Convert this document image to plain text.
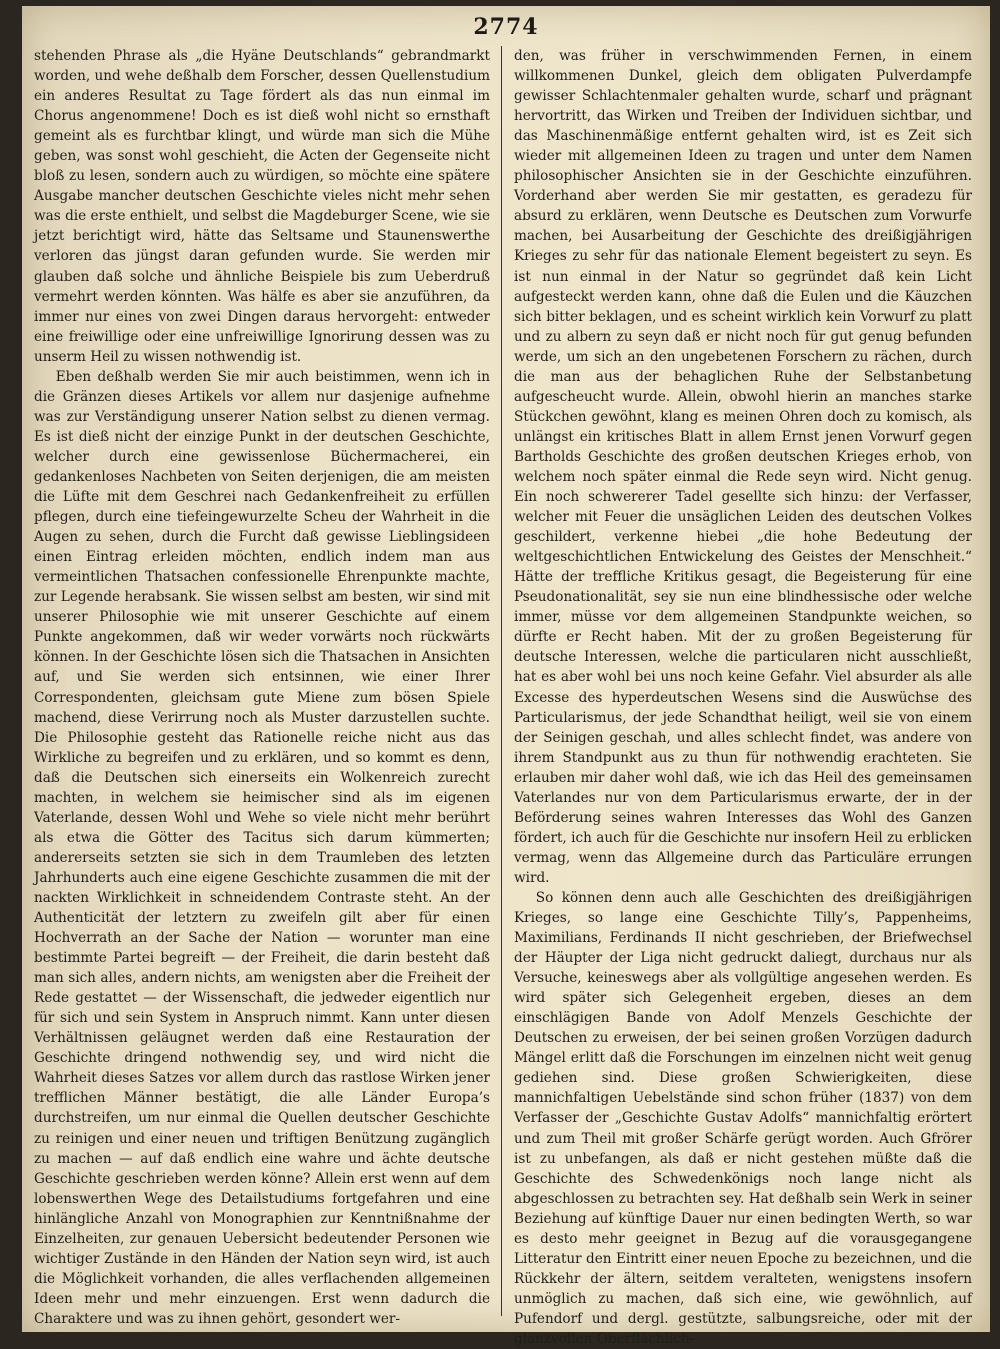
2774

stehenden Phrase als „die Hyäne Deutschlands“ gebrandmarkt worden, und wehe deßhalb dem Forscher, dessen Quellenstudium ein anderes Resultat zu Tage fördert als das nun einmal im Chorus angenommene! Doch es ist dieß wohl nicht so ernsthaft gemeint als es furchtbar klingt, und würde man sich die Mühe geben, was sonst wohl geschieht, die Acten der Gegenseite nicht bloß zu lesen, sondern auch zu würdigen, so möchte eine spätere Ausgabe mancher deutschen Geschichte vieles nicht mehr sehen was die erste enthielt, und selbst die Magdeburger Scene, wie sie jetzt berichtigt wird, hätte das Seltsame und Staunenswerthe verloren das jüngst daran gefunden wurde. Sie werden mir glauben daß solche und ähnliche Beispiele bis zum Ueberdruß vermehrt werden könnten. Was hälfe es aber sie anzuführen, da immer nur eines von zwei Dingen daraus hervorgeht: entweder eine freiwillige oder eine unfreiwillige Ignorirung dessen was zu unserm Heil zu wissen nothwendig ist.

Eben deßhalb werden Sie mir auch beistimmen, wenn ich in die Gränzen dieses Artikels vor allem nur dasjenige aufnehme was zur Verständigung unserer Nation selbst zu dienen vermag. Es ist dieß nicht der einzige Punkt in der deutschen Geschichte, welcher durch eine gewissenlose Büchermacherei, ein gedankenloses Nachbeten von Seiten derjenigen, die am meisten die Lüfte mit dem Geschrei nach Gedankenfreiheit zu erfüllen pflegen, durch eine tiefeingewurzelte Scheu der Wahrheit in die Augen zu sehen, durch die Furcht daß gewisse Lieblingsideen einen Eintrag erleiden möchten, endlich indem man aus vermeintlichen Thatsachen confessionelle Ehrenpunkte machte, zur Legende herabsank. Sie wissen selbst am besten, wir sind mit unserer Philosophie wie mit unserer Geschichte auf einem Punkte angekommen, daß wir weder vorwärts noch rückwärts können. In der Geschichte lösen sich die Thatsachen in Ansichten auf, und Sie werden sich entsinnen, wie einer Ihrer Correspondenten, gleichsam gute Miene zum bösen Spiele machend, diese Verirrung noch als Muster darzustellen suchte. Die Philosophie gesteht das Rationelle reiche nicht aus das Wirkliche zu begreifen und zu erklären, und so kommt es denn, daß die Deutschen sich einerseits ein Wolkenreich zurecht machten, in welchem sie heimischer sind als im eigenen Vaterlande, dessen Wohl und Wehe so viele nicht mehr berührt als etwa die Götter des Tacitus sich darum kümmerten; andererseits setzten sie sich in dem Traumleben des letzten Jahrhunderts auch eine eigene Geschichte zusammen die mit der nackten Wirklichkeit in schneidendem Contraste steht. An der Authenticität der letztern zu zweifeln gilt aber für einen Hochverrath an der Sache der Nation — worunter man eine bestimmte Partei begreift — der Freiheit, die darin besteht daß man sich alles, andern nichts, am wenigsten aber die Freiheit der Rede gestattet — der Wissenschaft, die jedweder eigentlich nur für sich und sein System in Anspruch nimmt. Kann unter diesen Verhältnissen geläugnet werden daß eine Restauration der Geschichte dringend nothwendig sey, und wird nicht die Wahrheit dieses Satzes vor allem durch das rastlose Wirken jener trefflichen Männer bestätigt, die alle Länder Europa’s durchstreifen, um nur einmal die Quellen deutscher Geschichte zu reinigen und einer neuen und triftigen Benützung zugänglich zu machen — auf daß endlich eine wahre und ächte deutsche Geschichte geschrieben werden könne? Allein erst wenn auf dem lobenswerthen Wege des Detailstudiums fortgefahren und eine hinlängliche Anzahl von Monographien zur Kenntnißnahme der Einzelheiten, zur genauen Uebersicht bedeutender Personen wie wichtiger Zustände in den Händen der Nation seyn wird, ist auch die Möglichkeit vorhanden, die alles verflachenden allgemeinen Ideen mehr und mehr einzuengen. Erst wenn dadurch die Charaktere und was zu ihnen gehört, gesondert wer-

den, was früher in verschwimmenden Fernen, in einem willkommenen Dunkel, gleich dem obligaten Pulverdampfe gewisser Schlachtenmaler gehalten wurde, scharf und prägnant hervortritt, das Wirken und Treiben der Individuen sichtbar, und das Maschinenmäßige entfernt gehalten wird, ist es Zeit sich wieder mit allgemeinen Ideen zu tragen und unter dem Namen philosophischer Ansichten sie in der Geschichte einzuführen. Vorderhand aber werden Sie mir gestatten, es geradezu für absurd zu erklären, wenn Deutsche es Deutschen zum Vorwurfe machen, bei Ausarbeitung der Geschichte des dreißigjährigen Krieges zu sehr für das nationale Element begeistert zu seyn. Es ist nun einmal in der Natur so gegründet daß kein Licht aufgesteckt werden kann, ohne daß die Eulen und die Käuzchen sich bitter beklagen, und es scheint wirklich kein Vorwurf zu platt und zu albern zu seyn daß er nicht noch für gut genug befunden werde, um sich an den ungebetenen Forschern zu rächen, durch die man aus der behaglichen Ruhe der Selbstanbetung aufgescheucht wurde. Allein, obwohl hierin an manches starke Stückchen gewöhnt, klang es meinen Ohren doch zu komisch, als unlängst ein kritisches Blatt in allem Ernst jenen Vorwurf gegen Bartholds Geschichte des großen deutschen Krieges erhob, von welchem noch später einmal die Rede seyn wird. Nicht genug. Ein noch schwererer Tadel gesellte sich hinzu: der Verfasser, welcher mit Feuer die unsäglichen Leiden des deutschen Volkes geschildert, verkenne hiebei „die hohe Bedeutung der weltgeschichtlichen Entwickelung des Geistes der Menschheit.“ Hätte der treffliche Kritikus gesagt, die Begeisterung für eine Pseudonationalität, sey sie nun eine blindhessische oder welche immer, müsse vor dem allgemeinen Standpunkte weichen, so dürfte er Recht haben. Mit der zu großen Begeisterung für deutsche Interessen, welche die particularen nicht ausschließt, hat es aber wohl bei uns noch keine Gefahr. Viel absurder als alle Excesse des hyperdeutschen Wesens sind die Auswüchse des Particularismus, der jede Schandthat heiligt, weil sie von einem der Seinigen geschah, und alles schlecht findet, was andere von ihrem Standpunkt aus zu thun für nothwendig erachteten. Sie erlauben mir daher wohl daß, wie ich das Heil des gemeinsamen Vaterlandes nur von dem Particularismus erwarte, der in der Beförderung seines wahren Interesses das Wohl des Ganzen fördert, ich auch für die Geschichte nur insofern Heil zu erblicken vermag, wenn das Allgemeine durch das Particuläre errungen wird.

So können denn auch alle Geschichten des dreißigjährigen Krieges, so lange eine Geschichte Tilly’s, Pappenheims, Maximilians, Ferdinands II nicht geschrieben, der Briefwechsel der Häupter der Liga nicht gedruckt daliegt, durchaus nur als Versuche, keineswegs aber als vollgültige angesehen werden. Es wird später sich Gelegenheit ergeben, dieses an dem einschlägigen Bande von Adolf Menzels Geschichte der Deutschen zu erweisen, der bei seinen großen Vorzügen dadurch Mängel erlitt daß die Forschungen im einzelnen nicht weit genug gediehen sind. Diese großen Schwierigkeiten, diese mannichfaltigen Uebelstände sind schon früher (1837) von dem Verfasser der „Geschichte Gustav Adolfs“ mannichfaltig erörtert und zum Theil mit großer Schärfe gerügt worden. Auch Gfrörer ist zu unbefangen, als daß er nicht gestehen müßte daß die Geschichte des Schwedenkönigs noch lange nicht als abgeschlossen zu betrachten sey. Hat deßhalb sein Werk in seiner Beziehung auf künftige Dauer nur einen bedingten Werth, so war es desto mehr geeignet in Bezug auf die vorausgegangene Litteratur den Eintritt einer neuen Epoche zu bezeichnen, und die Rückkehr der ältern, seitdem veralteten, wenigstens insofern unmöglich zu machen, daß sich eine, wie gewöhnlich, auf Pufendorf und dergl. gestützte, salbungsreiche, oder mit der glanzvollen Oberflächlich-
